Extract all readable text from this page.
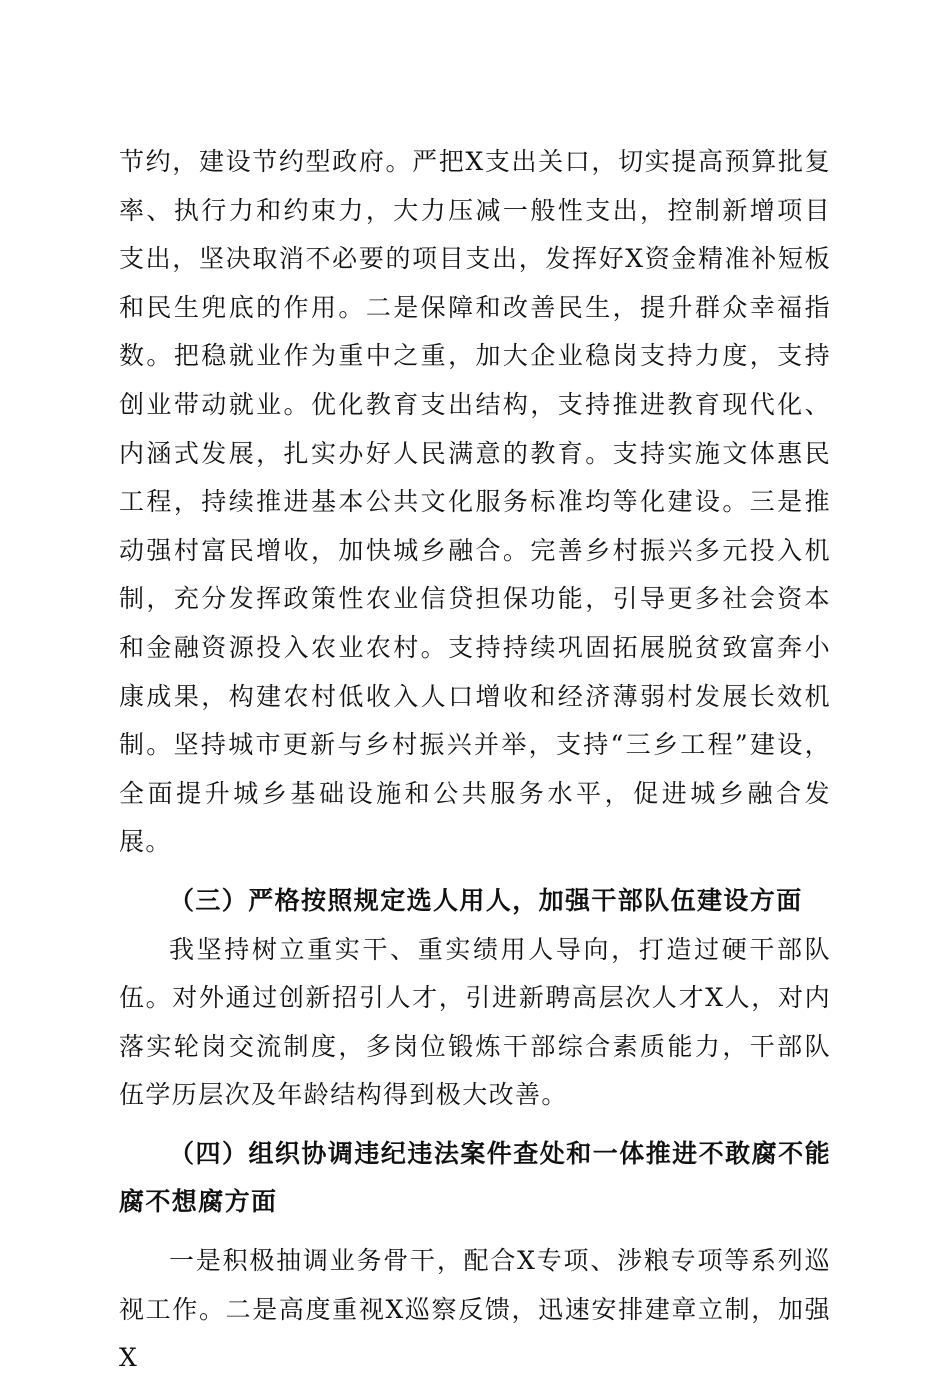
节约，建设节约型政府。严把X支出关口，切实提高预算批复率、执行力和约束力，大力压减一般性支出，控制新增项目支出，坚决取消不必要的项目支出，发挥好X资金精准补短板和民生兜底的作用。二是保障和改善民生，提升群众幸福指数。把稳就业作为重中之重，加大企业稳岗支持力度，支持创业带动就业。优化教育支出结构，支持推进教育现代化、内涵式发展，扎实办好人民满意的教育。支持实施文体惠民工程，持续推进基本公共文化服务标准均等化建设。三是推动强村富民增收，加快城乡融合。完善乡村振兴多元投入机制，充分发挥政策性农业信贷担保功能，引导更多社会资本和金融资源投入农业农村。支持持续巩固拓展脱贫致富奔小康成果，构建农村低收入人口增收和经济薄弱村发展长效机制。坚持城市更新与乡村振兴并举，支持“三乡工程”建设，全面提升城乡基础设施和公共服务水平，促进城乡融合发展。

（三）严格按照规定选人用人，加强干部队伍建设方面

我坚持树立重实干、重实绩用人导向，打造过硬干部队伍。对外通过创新招引人才，引进新聘高层次人才X人，对内落实轮岗交流制度，多岗位锻炼干部综合素质能力，干部队伍学历层次及年龄结构得到极大改善。

（四）组织协调违纪违法案件查处和一体推进不敢腐不能腐不想腐方面

一是积极抽调业务骨干，配合X专项、涉粮专项等系列巡视工作。二是高度重视X巡察反馈，迅速安排建章立制，加强X
